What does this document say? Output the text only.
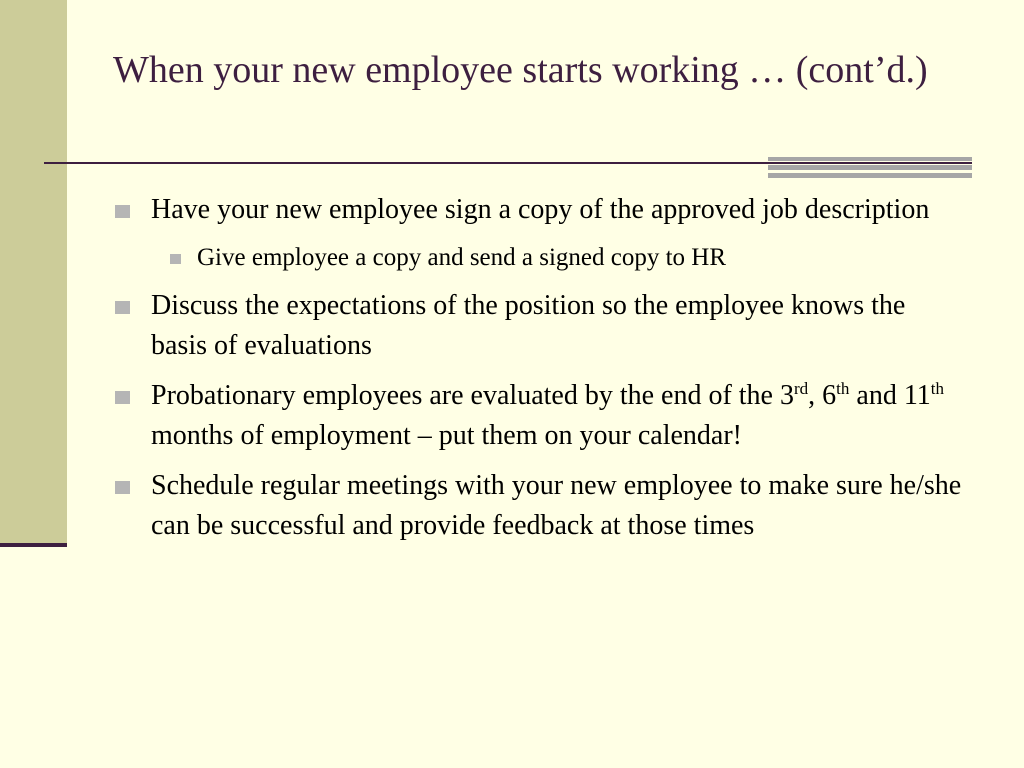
When your new employee starts working … (cont’d.)
Have your new employee sign a copy of the approved job description
Give employee a copy and send a signed copy to HR
Discuss the expectations of the position so the employee knows the basis of evaluations
Probationary employees are evaluated by the end of the 3rd, 6th and 11th months of employment – put them on your calendar!
Schedule regular meetings with your new employee to make sure he/she can be successful and provide feedback at those times
